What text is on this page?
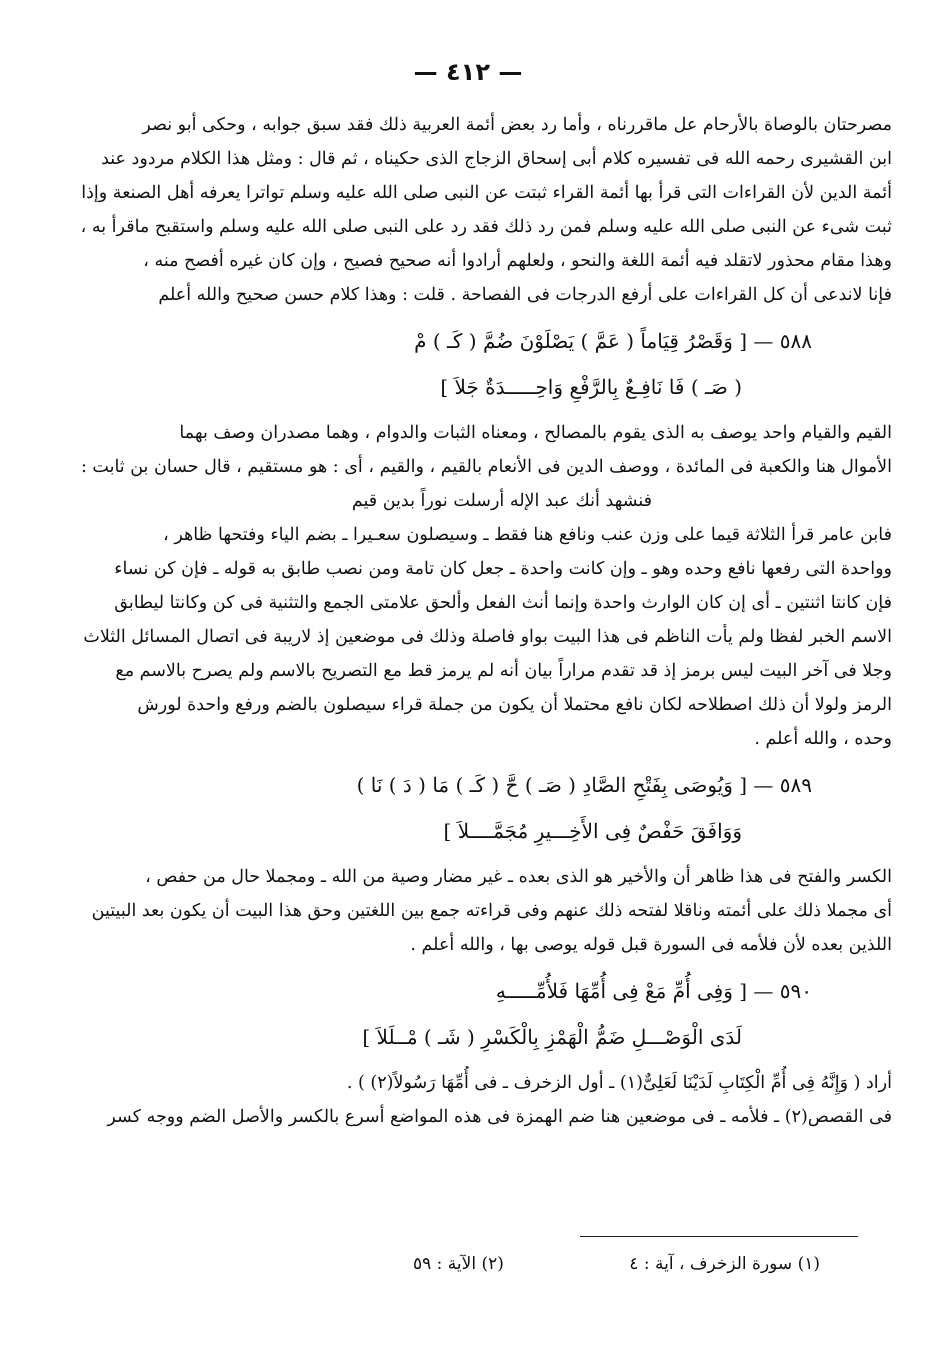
— ٤١٢ —
مصرحتان بالوصاة بالأرحام عل ماقررناه ، وأما رد بعض أئمة العربية ذلك فقد سبق جوابه ، وحكى أبو نصر
ابن القشيرى رحمه الله فى تفسيره كلام أبى إسحاق الزجاج الذى حكيناه ، ثم قال : ومثل هذا الكلام مردود عند
أئمة الدين لأن القراءات التى قرأ بها أئمة القراء ثبتت عن النبى صلى الله عليه وسلم تواترا يعرفه أهل الصنعة وإذا
ثبت شىء عن النبى صلى الله عليه وسلم فمن رد ذلك فقد رد على النبى صلى الله عليه وسلم واستقبح ماقرأ به ،
وهذا مقام محذور لاتقلد فيه أئمة اللغة والنحو ، ولعلهم أرادوا أنه صحيح فصيح ، وإن كان غيره أفصح منه ،
فإنا لاندعى أن كل القراءات على أرفع الدرجات فى الفصاحة . قلت : وهذا كلام حسن صحيح والله أعلم
٥٨٨ — [ وَقَصْرُ قِيَاماً ( عَمَّ ) يَصْلَوْنَ ضُمَّ ( كَـ ) مْ
( صَـ ) فَا نَافِـعٌ بِالرَّفْعِ وَاحِـــــدَةٌ جَلاَ ]
القيم والقيام واحد يوصف به الذى يقوم بالمصالح ، ومعناه الثبات والدوام ، وهما مصدران وصف بهما
الأموال هنا والكعبة فى المائدة ، ووصف الدين فى الأنعام بالقيم ، والقيم ، أى : هو مستقيم ، قال حسان بن ثابت :
فنشهد أنك عبد الإله أرسلت نوراً بدين قيم
فابن عامر قرأ الثلاثة قيما على وزن عنب ونافع هنا فقط ـ وسيصلون سعـيرا ـ بضم الياء وفتحها ظاهر ،
وواحدة التى رفعها نافع وحده وهو ـ وإن كانت واحدة ـ جعل كان تامة ومن نصب طابق به قوله ـ فإن كن نساء
فإن كانتا اثنتين ـ أى إن كان الوارث واحدة وإنما أنث الفعل وألحق علامتى الجمع والتثنية فى كن وكانتا ليطابق
الاسم الخبر لفظا ولم يأت الناظم فى هذا البيت بواو فاصلة وذلك فى موضعين إذ لاريبة فى اتصال المسائل الثلاث
وجلا فى آخر البيت ليس برمز إذ قد تقدم مراراً بيان أنه لم يرمز قط مع التصريح بالاسم ولم يصرح بالاسم مع
الرمز ولولا أن ذلك اصطلاحه لكان نافع محتملا أن يكون من جملة قراء سيصلون بالضم ورفع واحدة لورش
وحده ، والله أعلم .
٥٨٩ — [ وَيُوصَى بِفَتْحِ الصَّادِ ( صَـ ) حَّ ( كَـ ) مَا ( دَ ) نَا )
وَوَافَقَ حَفْصٌ فِى الأَخِـــيرِ مُجَمَّــــلاَ ]
الكسر والفتح فى هذا ظاهر أن والأخير هو الذى بعده ـ غير مضار وصية من الله ـ ومجملا حال من حفص ،
أى مجملا ذلك على أئمته وناقلا لفتحه ذلك عنهم وفى قراءته جمع بين اللغتين وحق هذا البيت أن يكون بعد البيتين
اللذين بعده لأن فلأمه فى السورة قبل قوله يوصى بها ، والله أعلم .
٥٩٠ — [ وَفِى أُمِّ مَعْ فِى أُمِّهَا فَلأُمِّـــــهِ
لَدَى الْوَصْـــلِ ضَمُّ الْهَمْزِ بِالْكَسْرِ ( شَـ ) مْــلَلاَ ]
أراد ( وَإِنَّهُ فِى أُمِّ الْكِتَابِ لَدَيْنَا لَعَلِىٌّ(١) ـ أول الزخرف ـ فى أُمِّهَا رَسُولاً(٢) ) .
فى القصص(٢) ـ فلأمه ـ فى موضعين هنا ضم الهمزة فى هذه المواضع أسرع بالكسر والأصل الضم ووجه كسر
(١) سورة الزخرف ، آية : ٤ (٢) الآية : ٥٩
